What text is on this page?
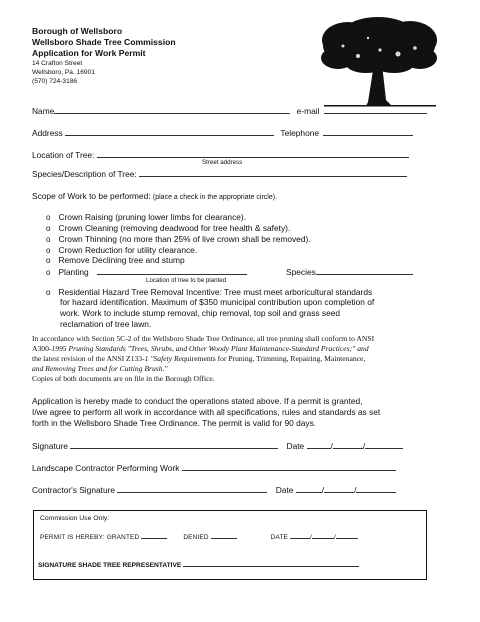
Borough of Wellsboro
Wellsboro Shade Tree Commission
Application for Work Permit
14 Crafton Street
Wellsboro, Pa. 16901
(570) 724-3186
Name	e-mail
Address	Telephone
Location of Tree:
Street address
Species/Description of Tree:
Scope of Work to be performed: (place a check in the appropriate circle).
o Crown Raising (pruning lower limbs for clearance).
o Crown Cleaning (removing deadwood for tree health & safety).
o Crown Thinning (no more than 25% of live crown shall be removed).
o Crown Reduction for utility clearance.
o Remove Declining tree and stump
o Planting	Species
Location of tree to be planted
o Residential Hazard Tree Removal Incentive: Tree must meet arboricultural standards
for hazard identification. Maximum of $350 municipal contribution upon completion of
work. Work to include stump removal, chip removal, top soil and grass seed
reclamation of tree lawn.
In accordance with Section 5C-2 of the Wellsboro Shade Tree Ordinance, all tree pruning shall conform to ANSI
A300-1995 Pruning Standards "Trees, Shrubs, and Other Woody Plant Maintenance-Standard Practices;" and
the latest revision of the ANSI Z133-1 "Safety Requirements for Pruning, Trimming, Repairing, Maintenance,
and Removing Trees and for Cutting Brush."
Copies of both documents are on file in the Borough Office.
Application is hereby made to conduct the operations stated above. If a permit is granted,
I/we agree to perform all work in accordance with all specifications, rules and standards as set
forth in the Wellsboro Shade Tree Ordinance. The permit is valid for 90 days.
Signature	Date	/	/
Landscape Contractor Performing Work
Contractor's Signature	Date	/	/
Commission Use Only:
PERMIT IS HEREBY: GRANTED	DENIED	DATE	/	/
SIGNATURE SHADE TREE REPRESENTATIVE
